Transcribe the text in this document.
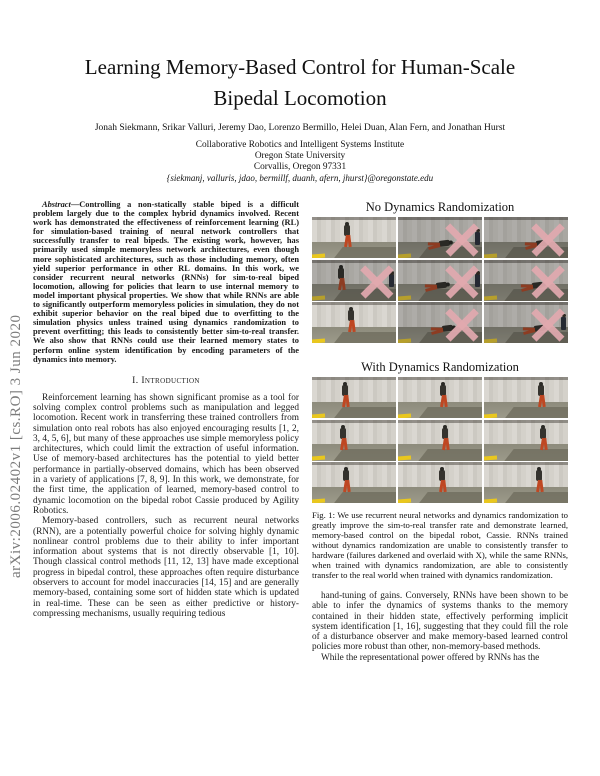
arXiv:2006.02402v1 [cs.RO] 3 Jun 2020
Learning Memory-Based Control for Human-Scale Bipedal Locomotion
Jonah Siekmann, Srikar Valluri, Jeremy Dao, Lorenzo Bermillo, Helei Duan, Alan Fern, and Jonathan Hurst
Collaborative Robotics and Intelligent Systems Institute
Oregon State University
Corvallis, Oregon 97331
{siekmanj, valluris, jdao, bermillf, duanh, afern, jhurst}@oregonstate.edu

Abstract—Controlling a non-statically stable biped is a difficult problem largely due to the complex hybrid dynamics involved. Recent work has demonstrated the effectiveness of reinforcement learning (RL) for simulation-based training of neural network controllers that successfully transfer to real bipeds. The existing work, however, has primarily used simple memoryless network architectures, even though more sophisticated architectures, such as those including memory, often yield superior performance in other RL domains. In this work, we consider recurrent neural networks (RNNs) for sim-to-real biped locomotion, allowing for policies that learn to use internal memory to model important physical properties. We show that while RNNs are able to significantly outperform memoryless policies in simulation, they do not exhibit superior behavior on the real biped due to overfitting to the simulation physics unless trained using dynamics randomization to prevent overfitting; this leads to consistently better sim-to-real transfer. We also show that RNNs could use their learned memory states to perform online system identification by encoding parameters of the dynamics into memory.

I. Introduction

Reinforcement learning has shown significant promise as a tool for solving complex control problems such as manipulation and legged locomotion. Recent work in transferring these trained controllers from simulation onto real robots has also enjoyed encouraging results [1, 2, 3, 4, 5, 6], but many of these approaches use simple memoryless policy architectures, which could limit the extraction of useful information. Use of memory-based architectures has the potential to yield better performance in partially-observed domains, which has been observed in a variety of applications [7, 8, 9]. In this work, we demonstrate, for the first time, the application of learned, memory-based control to dynamic locomotion on the bipedal robot Cassie produced by Agility Robotics.

Memory-based controllers, such as recurrent neural networks (RNN), are a potentially powerful choice for solving highly dynamic nonlinear control problems due to their ability to infer important information about systems that is not directly observable [1, 10]. Though classical control methods [11, 12, 13] have made exceptional progress in bipedal control, these approaches often require disturbance observers to account for model inaccuracies [14, 15] and are generally memory-based, containing some sort of hidden state which is updated in real-time. These can be seen as either predictive or history-compressing mechanisms, usually requiring tedious

No Dynamics Randomization
With Dynamics Randomization
Fig. 1: We use recurrent neural networks and dynamics randomization to greatly improve the sim-to-real transfer rate and demonstrate learned, memory-based control on the bipedal robot, Cassie. RNNs trained without dynamics randomization are unable to consistently transfer to hardware (failures darkened and overlaid with X), while the same RNNs, when trained with dynamics randomization, are able to consistently transfer to the real world when trained with dynamics randomization.

hand-tuning of gains. Conversely, RNNs have been shown to be able to infer the dynamics of systems thanks to the memory contained in their hidden state, effectively performing implicit system identification [1, 16], suggesting that they could fill the role of a disturbance observer and make memory-based learned control policies more robust than other, non-memory-based methods.

While the representational power offered by RNNs has the
